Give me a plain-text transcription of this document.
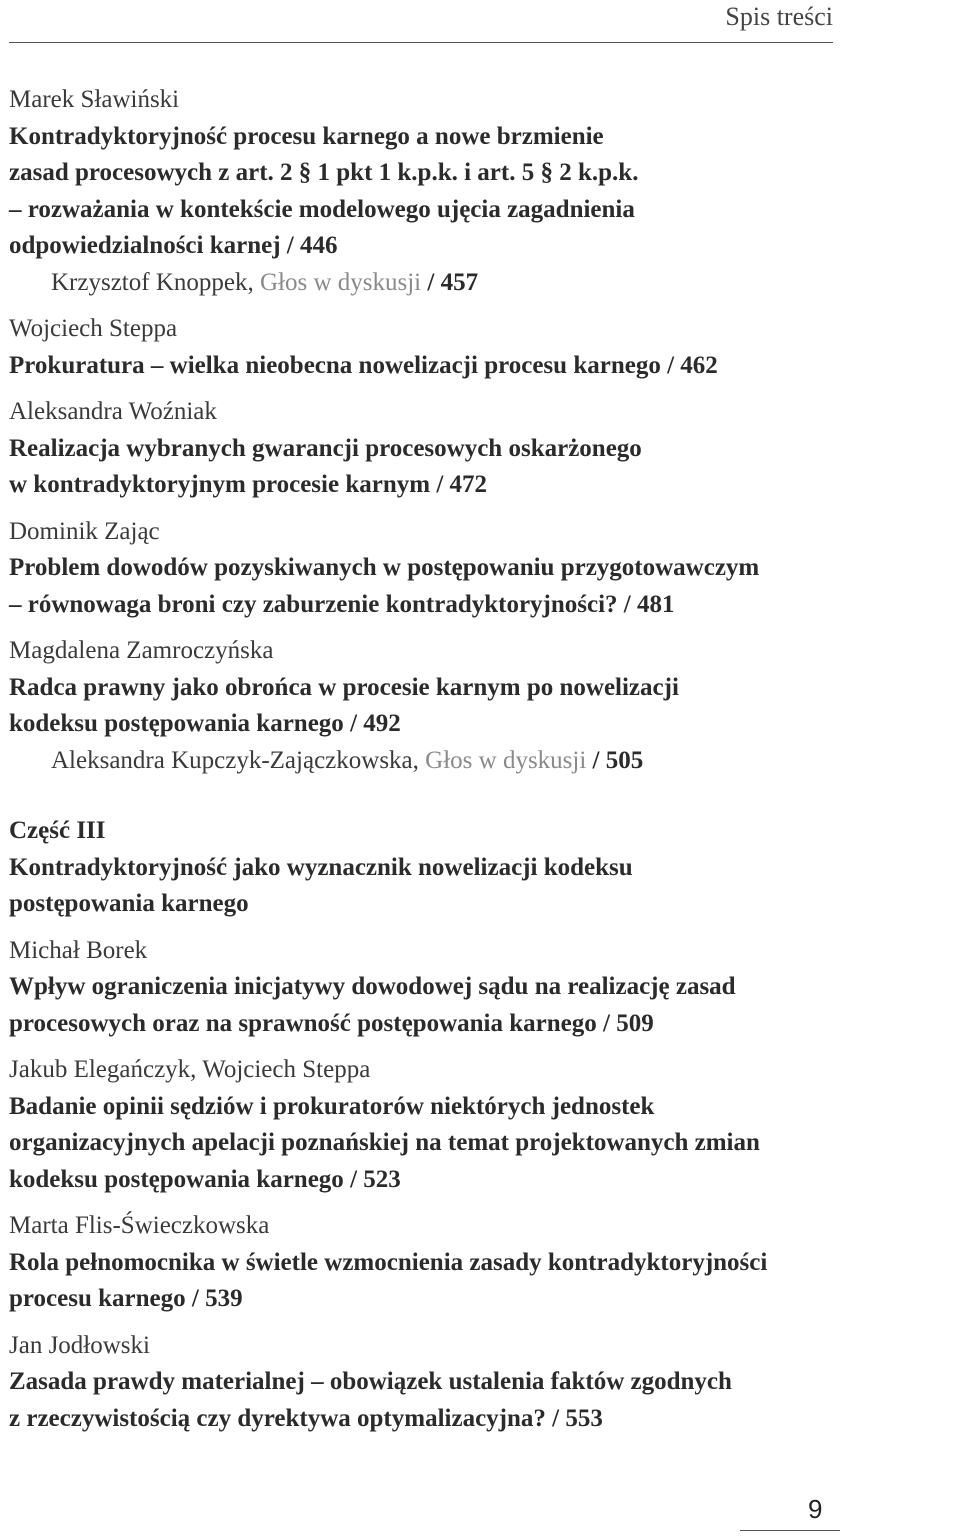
Spis treści
Marek Sławiński
Kontradyktoryjność procesu karnego a nowe brzmienie
zasad procesowych z art. 2 § 1 pkt 1 k.p.k. i art. 5 § 2 k.p.k.
– rozważania w kontekście modelowego ujęcia zagadnienia
odpowiedzialności karnej / 446
Krzysztof Knoppek, Głos w dyskusji / 457
Wojciech Steppa
Prokuratura – wielka nieobecna nowelizacji procesu karnego / 462
Aleksandra Woźniak
Realizacja wybranych gwarancji procesowych oskarżonego
w kontradyktoryjnym procesie karnym / 472
Dominik Zając
Problem dowodów pozyskiwanych w postępowaniu przygotowawczym
– równowaga broni czy zaburzenie kontradyktoryjności? / 481
Magdalena Zamroczyńska
Radca prawny jako obrońca w procesie karnym po nowelizacji
kodeksu postępowania karnego / 492
Aleksandra Kupczyk-Zajączkowska, Głos w dyskusji / 505
Część III
Kontradyktoryjność jako wyznacznik nowelizacji kodeksu
postępowania karnego
Michał Borek
Wpływ ograniczenia inicjatywy dowodowej sądu na realizację zasad
procesowych oraz na sprawność postępowania karnego / 509
Jakub Elegańczyk, Wojciech Steppa
Badanie opinii sędziów i prokuratorów niektórych jednostek
organizacyjnych apelacji poznańskiej na temat projektowanych zmian
kodeksu postępowania karnego / 523
Marta Flis-Świeczkowska
Rola pełnomocnika w świetle wzmocnienia zasady kontradyktoryjności
procesu karnego / 539
Jan Jodłowski
Zasada prawdy materialnej – obowiązek ustalenia faktów zgodnych
z rzeczywistością czy dyrektywa optymalizacyjna? / 553
9
